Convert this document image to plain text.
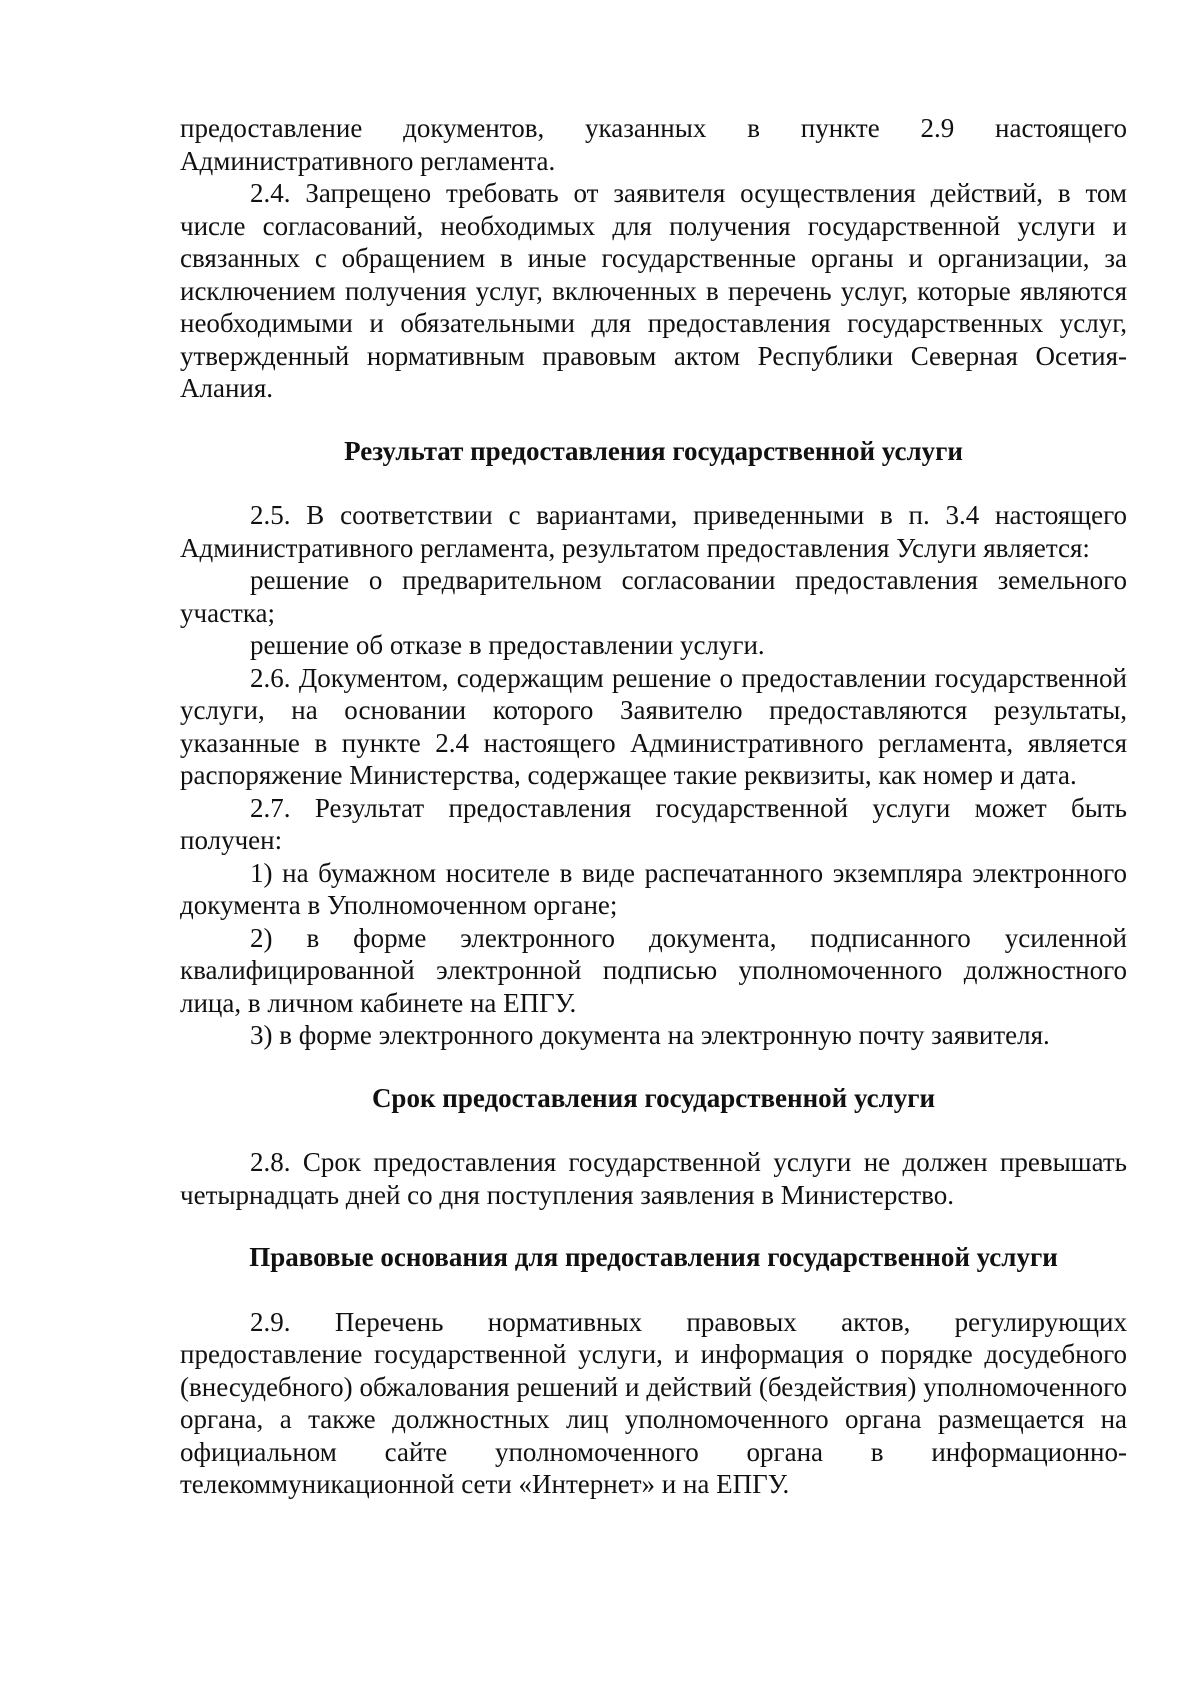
предоставление документов, указанных в пункте 2.9 настоящего Административного регламента.

2.4. Запрещено требовать от заявителя осуществления действий, в том числе согласований, необходимых для получения государственной услуги и связанных с обращением в иные государственные органы и организации, за исключением получения услуг, включенных в перечень услуг, которые являются необходимыми и обязательными для предоставления государственных услуг, утвержденный нормативным правовым актом Республики Северная Осетия-Алания.

Результат предоставления государственной услуги

2.5. В соответствии с вариантами, приведенными в п. 3.4 настоящего Административного регламента, результатом предоставления Услуги является:

решение о предварительном согласовании предоставления земельного участка;

решение об отказе в предоставлении услуги.

2.6. Документом, содержащим решение о предоставлении государственной услуги, на основании которого Заявителю предоставляются результаты, указанные в пункте 2.4 настоящего Административного регламента, является распоряжение Министерства, содержащее такие реквизиты, как номер и дата.

2.7. Результат предоставления государственной услуги может быть получен:

1) на бумажном носителе в виде распечатанного экземпляра электронного документа в Уполномоченном органе;

2) в форме электронного документа, подписанного усиленной квалифицированной электронной подписью уполномоченного должностного лица, в личном кабинете на ЕПГУ.

3) в форме электронного документа на электронную почту заявителя.

Срок предоставления государственной услуги

2.8. Срок предоставления государственной услуги не должен превышать четырнадцать дней со дня поступления заявления в Министерство.

Правовые основания для предоставления государственной услуги

2.9. Перечень нормативных правовых актов, регулирующих предоставление государственной услуги, и информация о порядке досудебного (внесудебного) обжалования решений и действий (бездействия) уполномоченного органа, а также должностных лиц уполномоченного органа размещается на официальном сайте уполномоченного органа в информационно-телекоммуникационной сети «Интернет» и на ЕПГУ.
